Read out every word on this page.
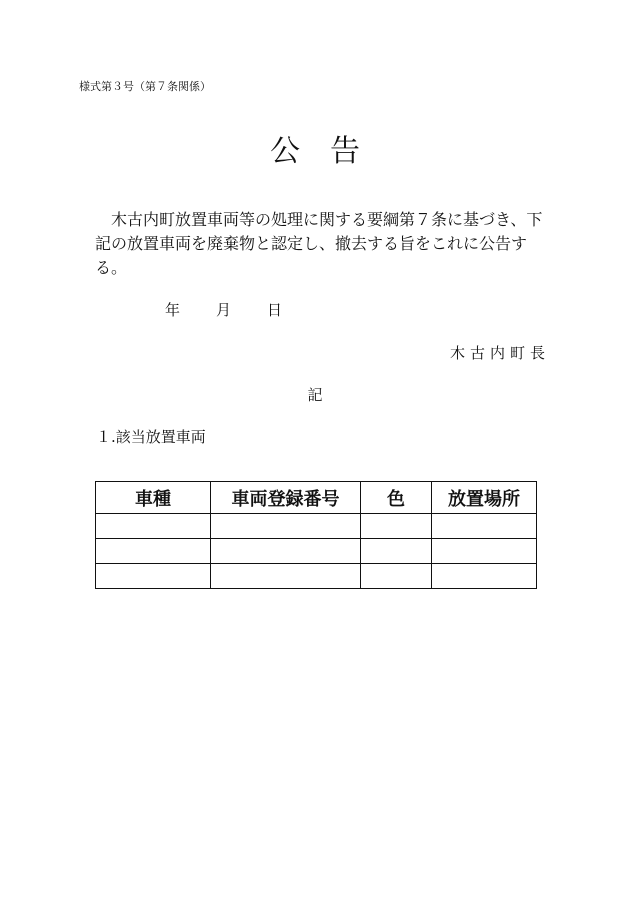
様式第３号（第７条関係）
公告

木古内町放置車両等の処理に関する要綱第７条に基づき、下記の放置車両を廃棄物と認定し、撤去する旨をこれに公告する。

年 月 日
木古内町長
記
１.該当放置車両
車種	車両登録番号	色	放置場所
